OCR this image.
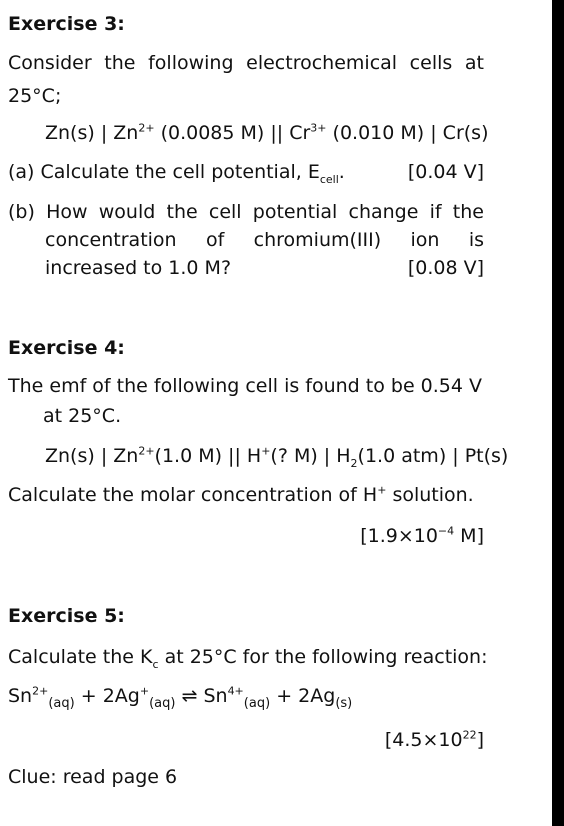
Exercise 3:
Consider the following electrochemical cells at
25°C;
Zn(s) | $Zn^{2+}$ (0.0085 M) || $Cr^{3+}$ (0.010 M) | Cr(s)
(a) Calculate the cell potential, $E_{cell}$.	[0.04 V]
(b) How would the cell potential change if the
concentration of chromium(III) ion is
increased to 1.0 M?	[0.08 V]
Exercise 4:
The emf of the following cell is found to be 0.54 V
at 25°C.
Zn(s) | $Zn^{2+}(1.0$ M) || H+(? M) | $H_2(1.0$ atm) | Pt(s)
Calculate the molar concentration of H+ solution.
[$1.9\times 10^{-4}$ M]
Exercise 5:
Calculate the $K_c$ at 25°C for the following reaction:
$Sn^{2+}_{(aq)} + 2Ag^+_{(aq)}$ ⇌ $Sn^{4+}_{(aq)} + 2Ag_{(s)}$
$[4.5\times 10^{22}]$
Clue: read page 6
